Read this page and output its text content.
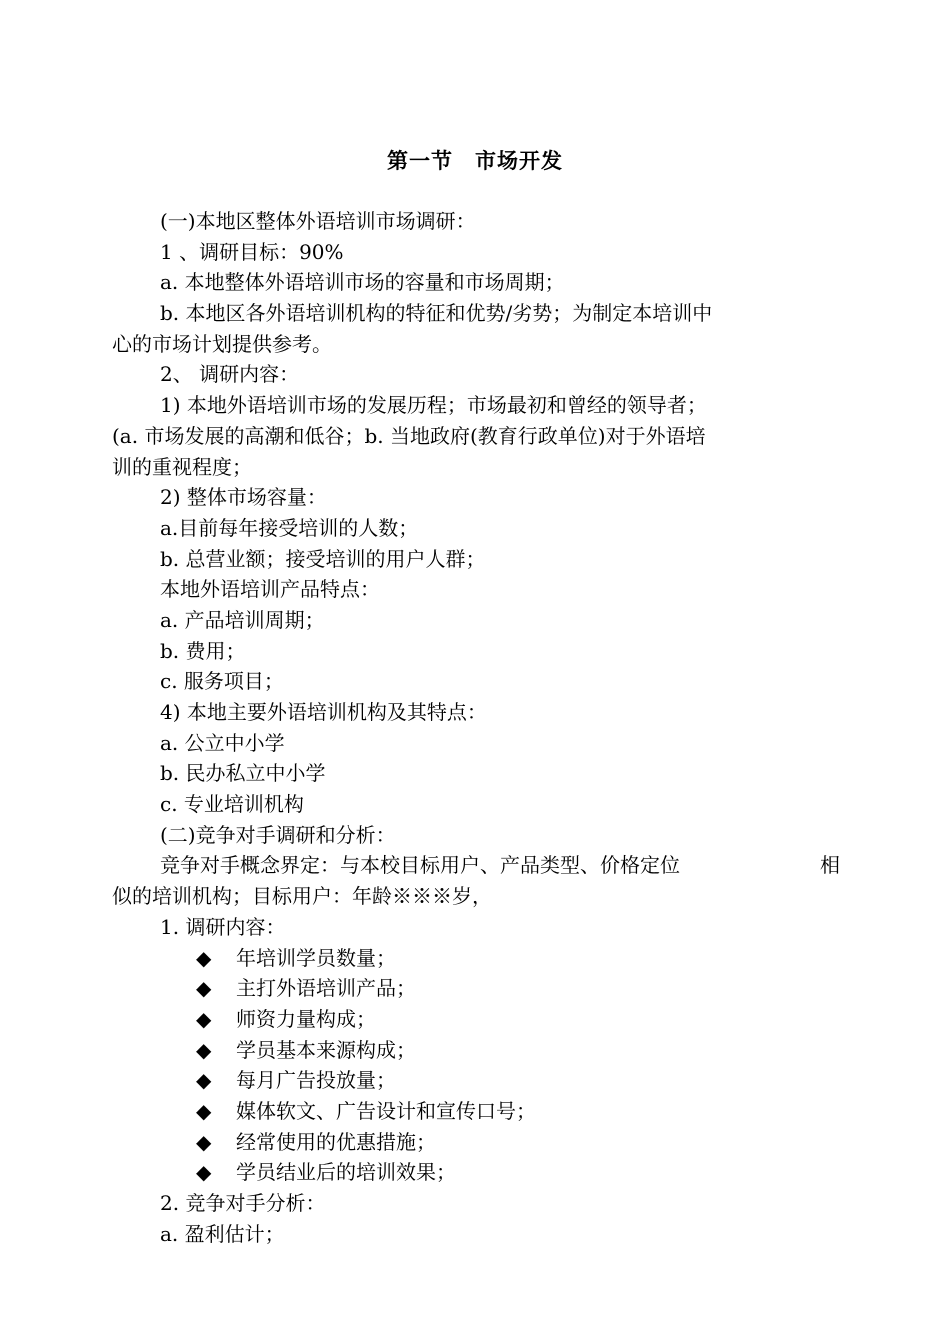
第一节　市场开发
(一)本地区整体外语培训市场调研：
1 、调研目标：90%
a. 本地整体外语培训市场的容量和市场周期；
b. 本地区各外语培训机构的特征和优势/劣势；为制定本培训中
心的市场计划提供参考。
2、 调研内容：
1) 本地外语培训市场的发展历程；市场最初和曾经的领导者；
(a. 市场发展的高潮和低谷；b. 当地政府(教育行政单位)对于外语培
训的重视程度；
2) 整体市场容量：
a.目前每年接受培训的人数；
b. 总营业额；接受培训的用户人群；
本地外语培训产品特点：
a. 产品培训周期；
b. 费用；
c. 服务项目；
4) 本地主要外语培训机构及其特点：
a. 公立中小学
b. 民办私立中小学
c. 专业培训机构
(二)竞争对手调研和分析：
竞争对手概念界定：与本校目标用户、产品类型、价格定位	相
似的培训机构；目标用户：年龄※※※岁，
1. 调研内容：
◆ 年培训学员数量；
◆ 主打外语培训产品；
◆ 师资力量构成；
◆ 学员基本来源构成；
◆ 每月广告投放量；
◆ 媒体软文、广告设计和宣传口号；
◆ 经常使用的优惠措施；
◆ 学员结业后的培训效果；
2. 竞争对手分析：
a. 盈利估计；
